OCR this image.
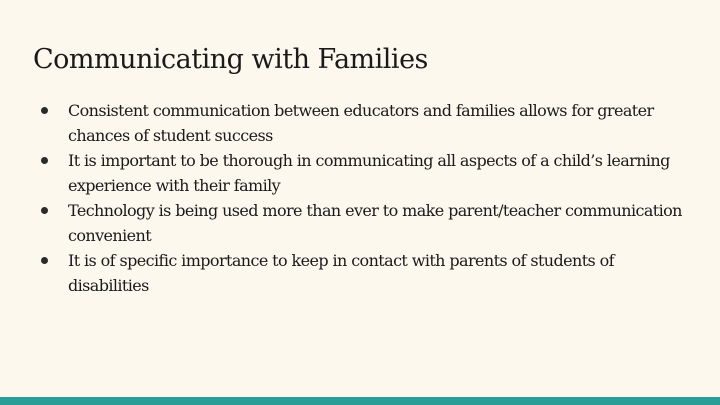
Communicating with Families
Consistent communication between educators and families allows for greater chances of student success
It is important to be thorough in communicating all aspects of a child’s learning experience with their family
Technology is being used more than ever to make parent/teacher communication convenient
It is of specific importance to keep in contact with parents of students of disabilities
